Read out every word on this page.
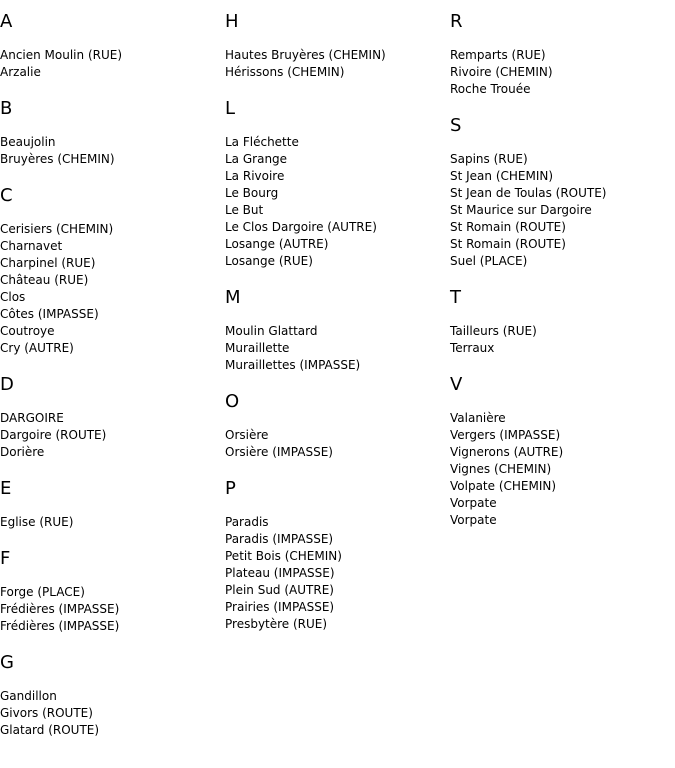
A
Ancien Moulin (RUE)
Arzalie
B
Beaujolin
Bruyères (CHEMIN)
C
Cerisiers (CHEMIN)
Charnavet
Charpinel (RUE)
Château (RUE)
Clos
Côtes (IMPASSE)
Coutroye
Cry (AUTRE)
D
DARGOIRE
Dargoire (ROUTE)
Dorière
E
Eglise (RUE)
F
Forge (PLACE)
Frédières (IMPASSE)
Frédières (IMPASSE)
G
Gandillon
Givors (ROUTE)
Glatard (ROUTE)
H
Hautes Bruyères (CHEMIN)
Hérissons (CHEMIN)
L
La Fléchette
La Grange
La Rivoire
Le Bourg
Le But
Le Clos Dargoire (AUTRE)
Losange (AUTRE)
Losange (RUE)
M
Moulin Glattard
Muraillette
Muraillettes (IMPASSE)
O
Orsière
Orsière (IMPASSE)
P
Paradis
Paradis (IMPASSE)
Petit Bois (CHEMIN)
Plateau (IMPASSE)
Plein Sud (AUTRE)
Prairies (IMPASSE)
Presbytère (RUE)
R
Remparts (RUE)
Rivoire (CHEMIN)
Roche Trouée
S
Sapins (RUE)
St Jean (CHEMIN)
St Jean de Toulas (ROUTE)
St Maurice sur Dargoire
St Romain (ROUTE)
St Romain (ROUTE)
Suel (PLACE)
T
Tailleurs (RUE)
Terraux
V
Valanière
Vergers (IMPASSE)
Vignerons (AUTRE)
Vignes (CHEMIN)
Volpate (CHEMIN)
Vorpate
Vorpate
